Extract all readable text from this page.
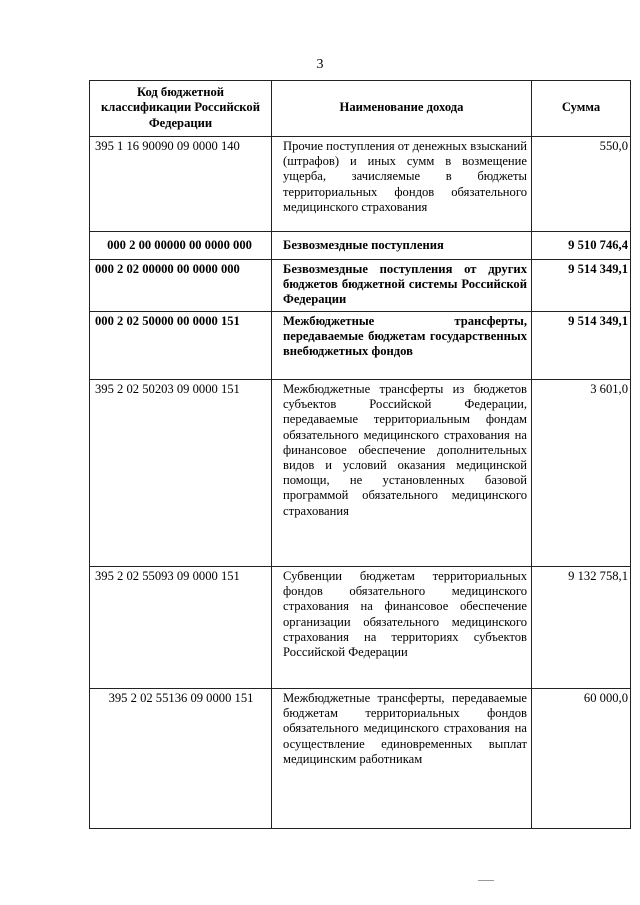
3
Код бюджетной классификации Российской Федерации	Наименование дохода	Сумма
395 1 16 90090 09 0000 140	Прочие поступления от денежных взысканий (штрафов) и иных сумм в возмещение ущерба, зачисляемые в бюджеты территориальных фондов обязательного медицинского страхования	550,0
000 2 00 00000 00 0000 000	Безвозмездные поступления	9 510 746,4
000 2 02 00000 00 0000 000	Безвозмездные поступления от других бюджетов бюджетной системы Российской Федерации	9 514 349,1
000 2 02 50000 00 0000 151	Межбюджетные трансферты, передаваемые бюджетам государственных внебюджетных фондов	9 514 349,1
395 2 02 50203 09 0000 151	Межбюджетные трансферты из бюджетов субъектов Российской Федерации, передаваемые территориальным фондам обязательного медицинского страхования на финансовое обеспечение дополнительных видов и условий оказания медицинской помощи, не установленных базовой программой обязательного медицинского страхования	3 601,0
395 2 02 55093 09 0000 151	Субвенции бюджетам территориальных фондов обязательного медицинского страхования на финансовое обеспечение организации обязательного медицинского страхования на территориях субъектов Российской Федерации	9 132 758,1
395 2 02 55136 09 0000 151	Межбюджетные трансферты, передаваемые бюджетам территориальных фондов обязательного медицинского страхования на осуществление единовременных выплат медицинским работникам	60 000,0
